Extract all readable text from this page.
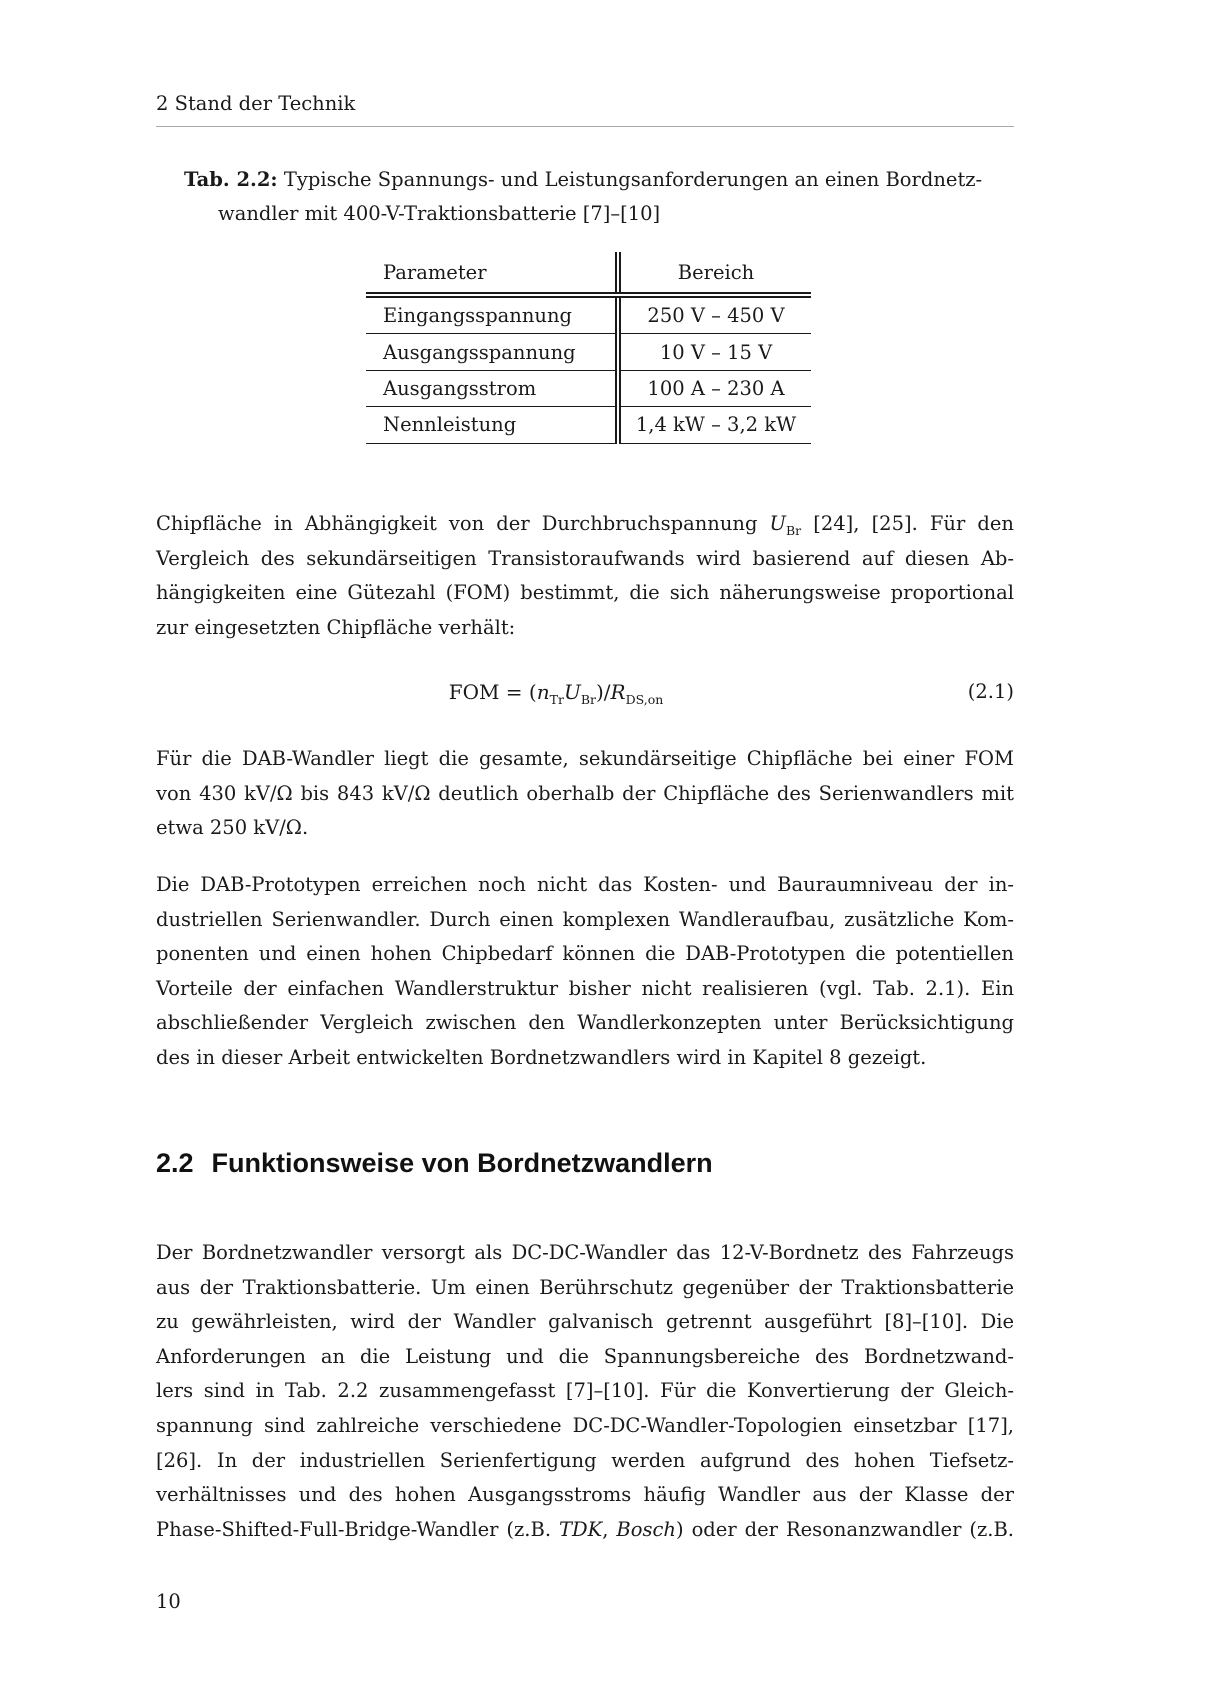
2 Stand der Technik
Tab. 2.2: Typische Spannungs- und Leistungsanforderungen an einen Bordnetz-
wandler mit 400-V-Traktionsbatterie [7]–[10]
Parameter	Bereich
Eingangsspannung	250 V – 450 V
Ausgangsspannung	10 V – 15 V
Ausgangsstrom	100 A – 230 A
Nennleistung	1,4 kW – 3,2 kW
Chipfläche in Abhängigkeit von der Durchbruchspannung $U_{Br}$ [24], [25]. Für den
Vergleich des sekundärseitigen Transistoraufwands wird basierend auf diesen Ab-
hängigkeiten eine Gütezahl (FOM) bestimmt, die sich näherungsweise proportional
zur eingesetzten Chipfläche verhält:
FOM = $(n_{Tr}U_{Br})/R_{DS,on}$	(2.1)
Für die DAB-Wandler liegt die gesamte, sekundärseitige Chipfläche bei einer FOM
von 430 kV/Ω bis 843 kV/Ω deutlich oberhalb der Chipfläche des Serienwandlers mit
etwa 250 kV/Ω.
Die DAB-Prototypen erreichen noch nicht das Kosten- und Bauraumniveau der in-
dustriellen Serienwandler. Durch einen komplexen Wandleraufbau, zusätzliche Kom-
ponenten und einen hohen Chipbedarf können die DAB-Prototypen die potentiellen
Vorteile der einfachen Wandlerstruktur bisher nicht realisieren (vgl. Tab. 2.1). Ein
abschließender Vergleich zwischen den Wandlerkonzepten unter Berücksichtigung
des in dieser Arbeit entwickelten Bordnetzwandlers wird in Kapitel 8 gezeigt.
2.2 Funktionsweise von Bordnetzwandlern
Der Bordnetzwandler versorgt als DC-DC-Wandler das 12-V-Bordnetz des Fahrzeugs
aus der Traktionsbatterie. Um einen Berührschutz gegenüber der Traktionsbatterie
zu gewährleisten, wird der Wandler galvanisch getrennt ausgeführt [8]–[10]. Die
Anforderungen an die Leistung und die Spannungsbereiche des Bordnetzwand-
lers sind in Tab. 2.2 zusammengefasst [7]–[10]. Für die Konvertierung der Gleich-
spannung sind zahlreiche verschiedene DC-DC-Wandler-Topologien einsetzbar [17],
[26]. In der industriellen Serienfertigung werden aufgrund des hohen Tiefsetz-
verhältnisses und des hohen Ausgangsstroms häufig Wandler aus der Klasse der
Phase-Shifted-Full-Bridge-Wandler (z.B. TDK, Bosch) oder der Resonanzwandler (z.B.
10
